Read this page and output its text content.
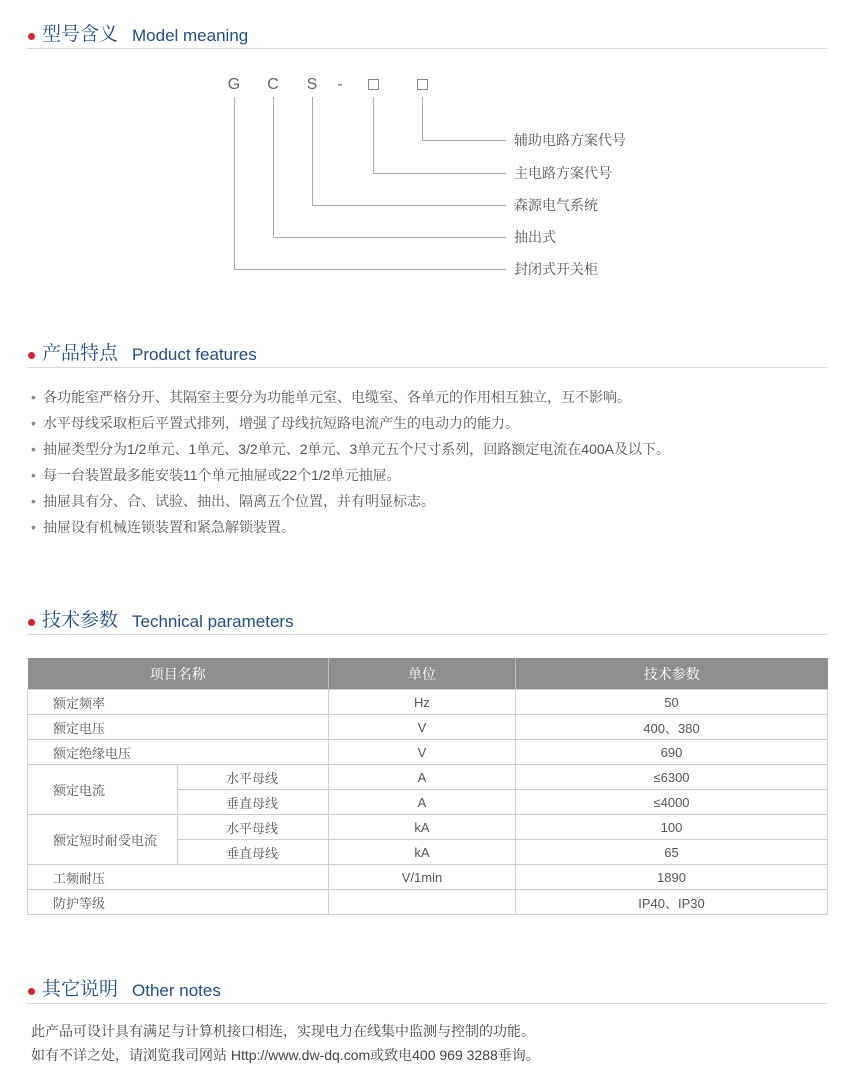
型号含义 Model meaning
G C S	-
辅助电路方案代号
主电路方案代号
森源电气系统
抽出式
封闭式开关柜
产品特点 Product features
• 各功能室严格分开、其隔室主要分为功能单元室、电缆室、各单元的作用相互独立，互不影响。
• 水平母线采取柜后平置式排列，增强了母线抗短路电流产生的电动力的能力。
• 抽屉类型分为1/2单元、1单元、3/2单元、2单元、3单元五个尺寸系列，回路额定电流在400A及以下。
• 每一台装置最多能安装11个单元抽屉或22个1/2单元抽屉。
• 抽屉具有分、合、试验、抽出、隔离五个位置，并有明显标志。
• 抽屉设有机械连锁装置和紧急解锁装置。
技术参数 Technical parameters
项目名称		单位	技术参数
额定频率		Hz	50
额定电压		V	400、380
额定绝缘电压		V	690
额定电流	水平母线	A	≤6300
	垂直母线	A	≤4000
额定短时耐受电流	水平母线	kA	100
	垂直母线	kA	65
工频耐压		V/1min	1890
防护等级			IP40、IP30
其它说明 Other notes
此产品可设计具有满足与计算机接口相连，实现电力在线集中监测与控制的功能。
如有不详之处，请浏览我司网站 Http://www.dw-dq.com或致电400 969 3288垂询。
